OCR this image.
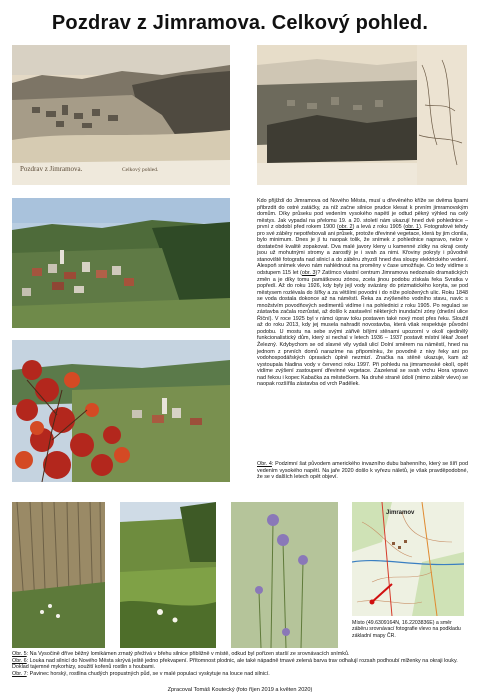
Pozdrav z Jimramova. Celkový pohled.
Pozdrav z Jimramova.	Celkový pohled.

Kdo přijíždí do Jimramova od Nového Města, musí u dřevěného kříže se dvěma lipami přibrzdit do ostré zatáčky, za níž začne silnice prudce klesat k prvním jimramovským domům. Díky průseku pod vedením vysokého napětí je odtud pěkný výhled na celý městys. Jak vypadal na přelomu 19. a 20. století nám ukazují hned dvě pohlednice – první z období před rokem 1900 (obr. 2) a levá z roku 1905 (obr. 1). Fotografové tehdy pro své záběry nepotřebovali ani průsek, protože dřevinné vegetace, která by jim clonila, bylo minimum. Dnes je jí tu naopak tolik, že snímek z pohlednice napravo, nelze v dostatečné kvalitě zopakovat. Dva malé javory kleny u kamenné zídky na okraji cesty jsou už mohutnými stromy a zarostlý je i svah za nimi. Křoviny pokryly i původně stanoviště fotografa nad silnicí a do záběru zhyzdí hned dva sloupy elektrického vedení. Alespoň snímek vlevo nám nahlédnout na proměny v čase umožňuje. Co tedy vidíme s odstupem 115 let (obr. 3)? Zatímco vlastní centrum Jimramova nedoznalo dramatických změn a je díky tomu památkovou zónou, zcela jinou podobu získala řeka Svratka v popředí. Až do roku 1926, kdy byly její vody svázány do prizmatického koryta, se pod městysem rozlévala do šířky a za většími povodni i do níže položených ulic. Roku 1848 se voda dostala dokonce až na náměstí. Řeka za zvýšeného vodního stavu, navíc s množstvím povodňových sedimentů vidíme i na pohlednici z roku 1905. Po regulaci se zástavba začala rozrůstat, až došlo k zastavění některých inundační zóny (dnešní ulice Říční). V roce 1925 byl v rámci úprav toku postaven také nový most přes řeku. Sloužil až do roku 2013, kdy jej musela nahradit novostavba, která však respektuje původní podobu. U mostu na sebe svými zářivě bílými stěnami upozorní v okolí ojedinělý funkcionalistický dům, který si nechal v letech 1936 – 1937 postavit místní lékař Josef Železný. Kdybychom se od slavné vily vydali ulicí Dolní směrem na náměstí, hned na jednom z prvních domů narazíme na připomínku, že povodně z nivy řeky ani po vodohospodářských úpravách úplně nezmizí. Značka na stěně ukazuje, kam až vystoupala hladina vody v červenci roku 1997. Při pohledu na jimramovské okolí, opět vidíme zvýšení zastoupení dřevinné vegetace. Zazelenal se svah vrchu Hora vpravo nad řekou i kopec Kabačka za městečkem. Na druhé straně údolí (mimo záběr vlevo) se naopak rozšířila zástavba od vrch Padělek.

Obr. 4: Podzimní šat původem amerického invazního dubu bahenního, který se šíří pod vedením vysokého napětí. Na jaře 2020 došlo k vyřezu náletů, je však pravděpodobné, že se v dalších letech opět objeví.

Jimramov
Místo (49.6309164N, 16.2203836E) a směr záběru srovnávací fotografie vlevo na podkladu základní mapy ČR.

Obr. 5: Na Vysočině dříve běžný lomikámen zrnatý přežívá v břehu silnice přibližně v místě, odkud byl pořízen starší ze srovnávacích snímků.

Obr. 6: Louka nad silnicí do Nového Města skrývá ještě jedno překvapení. Přítomnost plodnic, ale také nápadně tmavé zelená barva trav odhalují rozsah podhoubí mlženky na okraji louky. Doklad tajemné mykorhizy, soužití kořenů rostlin s houbami.

Obr. 7: Pavinec horský, rostlina chudých propustných půd, se v malé populaci vyskytuje na louce nad silnicí.

Zpracoval Tomáš Koutecký (foto říjen 2019 a květen 2020)
